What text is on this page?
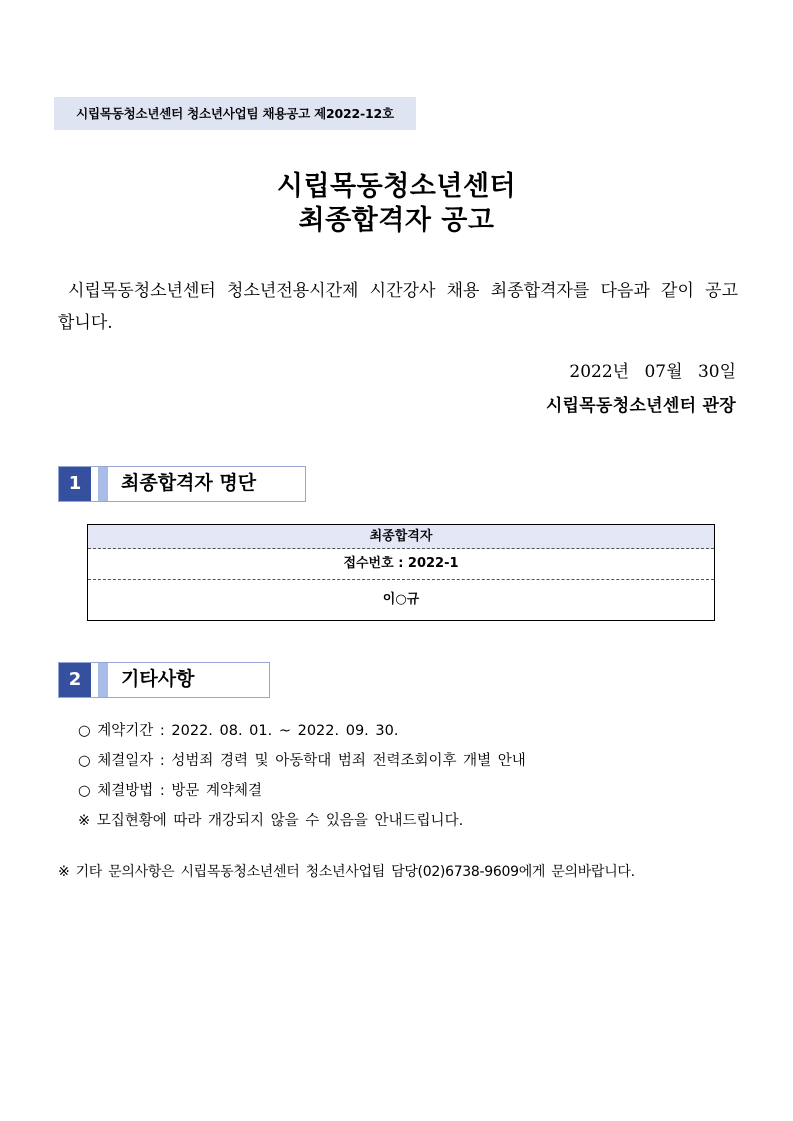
시립목동청소년센터 청소년사업팀 채용공고 제2022-12호
시립목동청소년센터
최종합격자 공고

시립목동청소년센터 청소년전용시간제 시간강사 채용 최종합격자를 다음과 같이 공고합니다.

2022년 07월 30일
시립목동청소년센터 관장
1	최종합격자 명단
최종합격자
접수번호 : 2022-1
이○규
2	기타사항
○ 계약기간 : 2022. 08. 01. ~ 2022. 09. 30.
○ 체결일자 : 성범죄 경력 및 아동학대 범죄 전력조회이후 개별 안내
○ 체결방법 : 방문 계약체결
※ 모집현황에 따라 개강되지 않을 수 있음을 안내드립니다.
※ 기타 문의사항은 시립목동청소년센터 청소년사업팀 담당(02)6738-9609에게 문의바랍니다.
